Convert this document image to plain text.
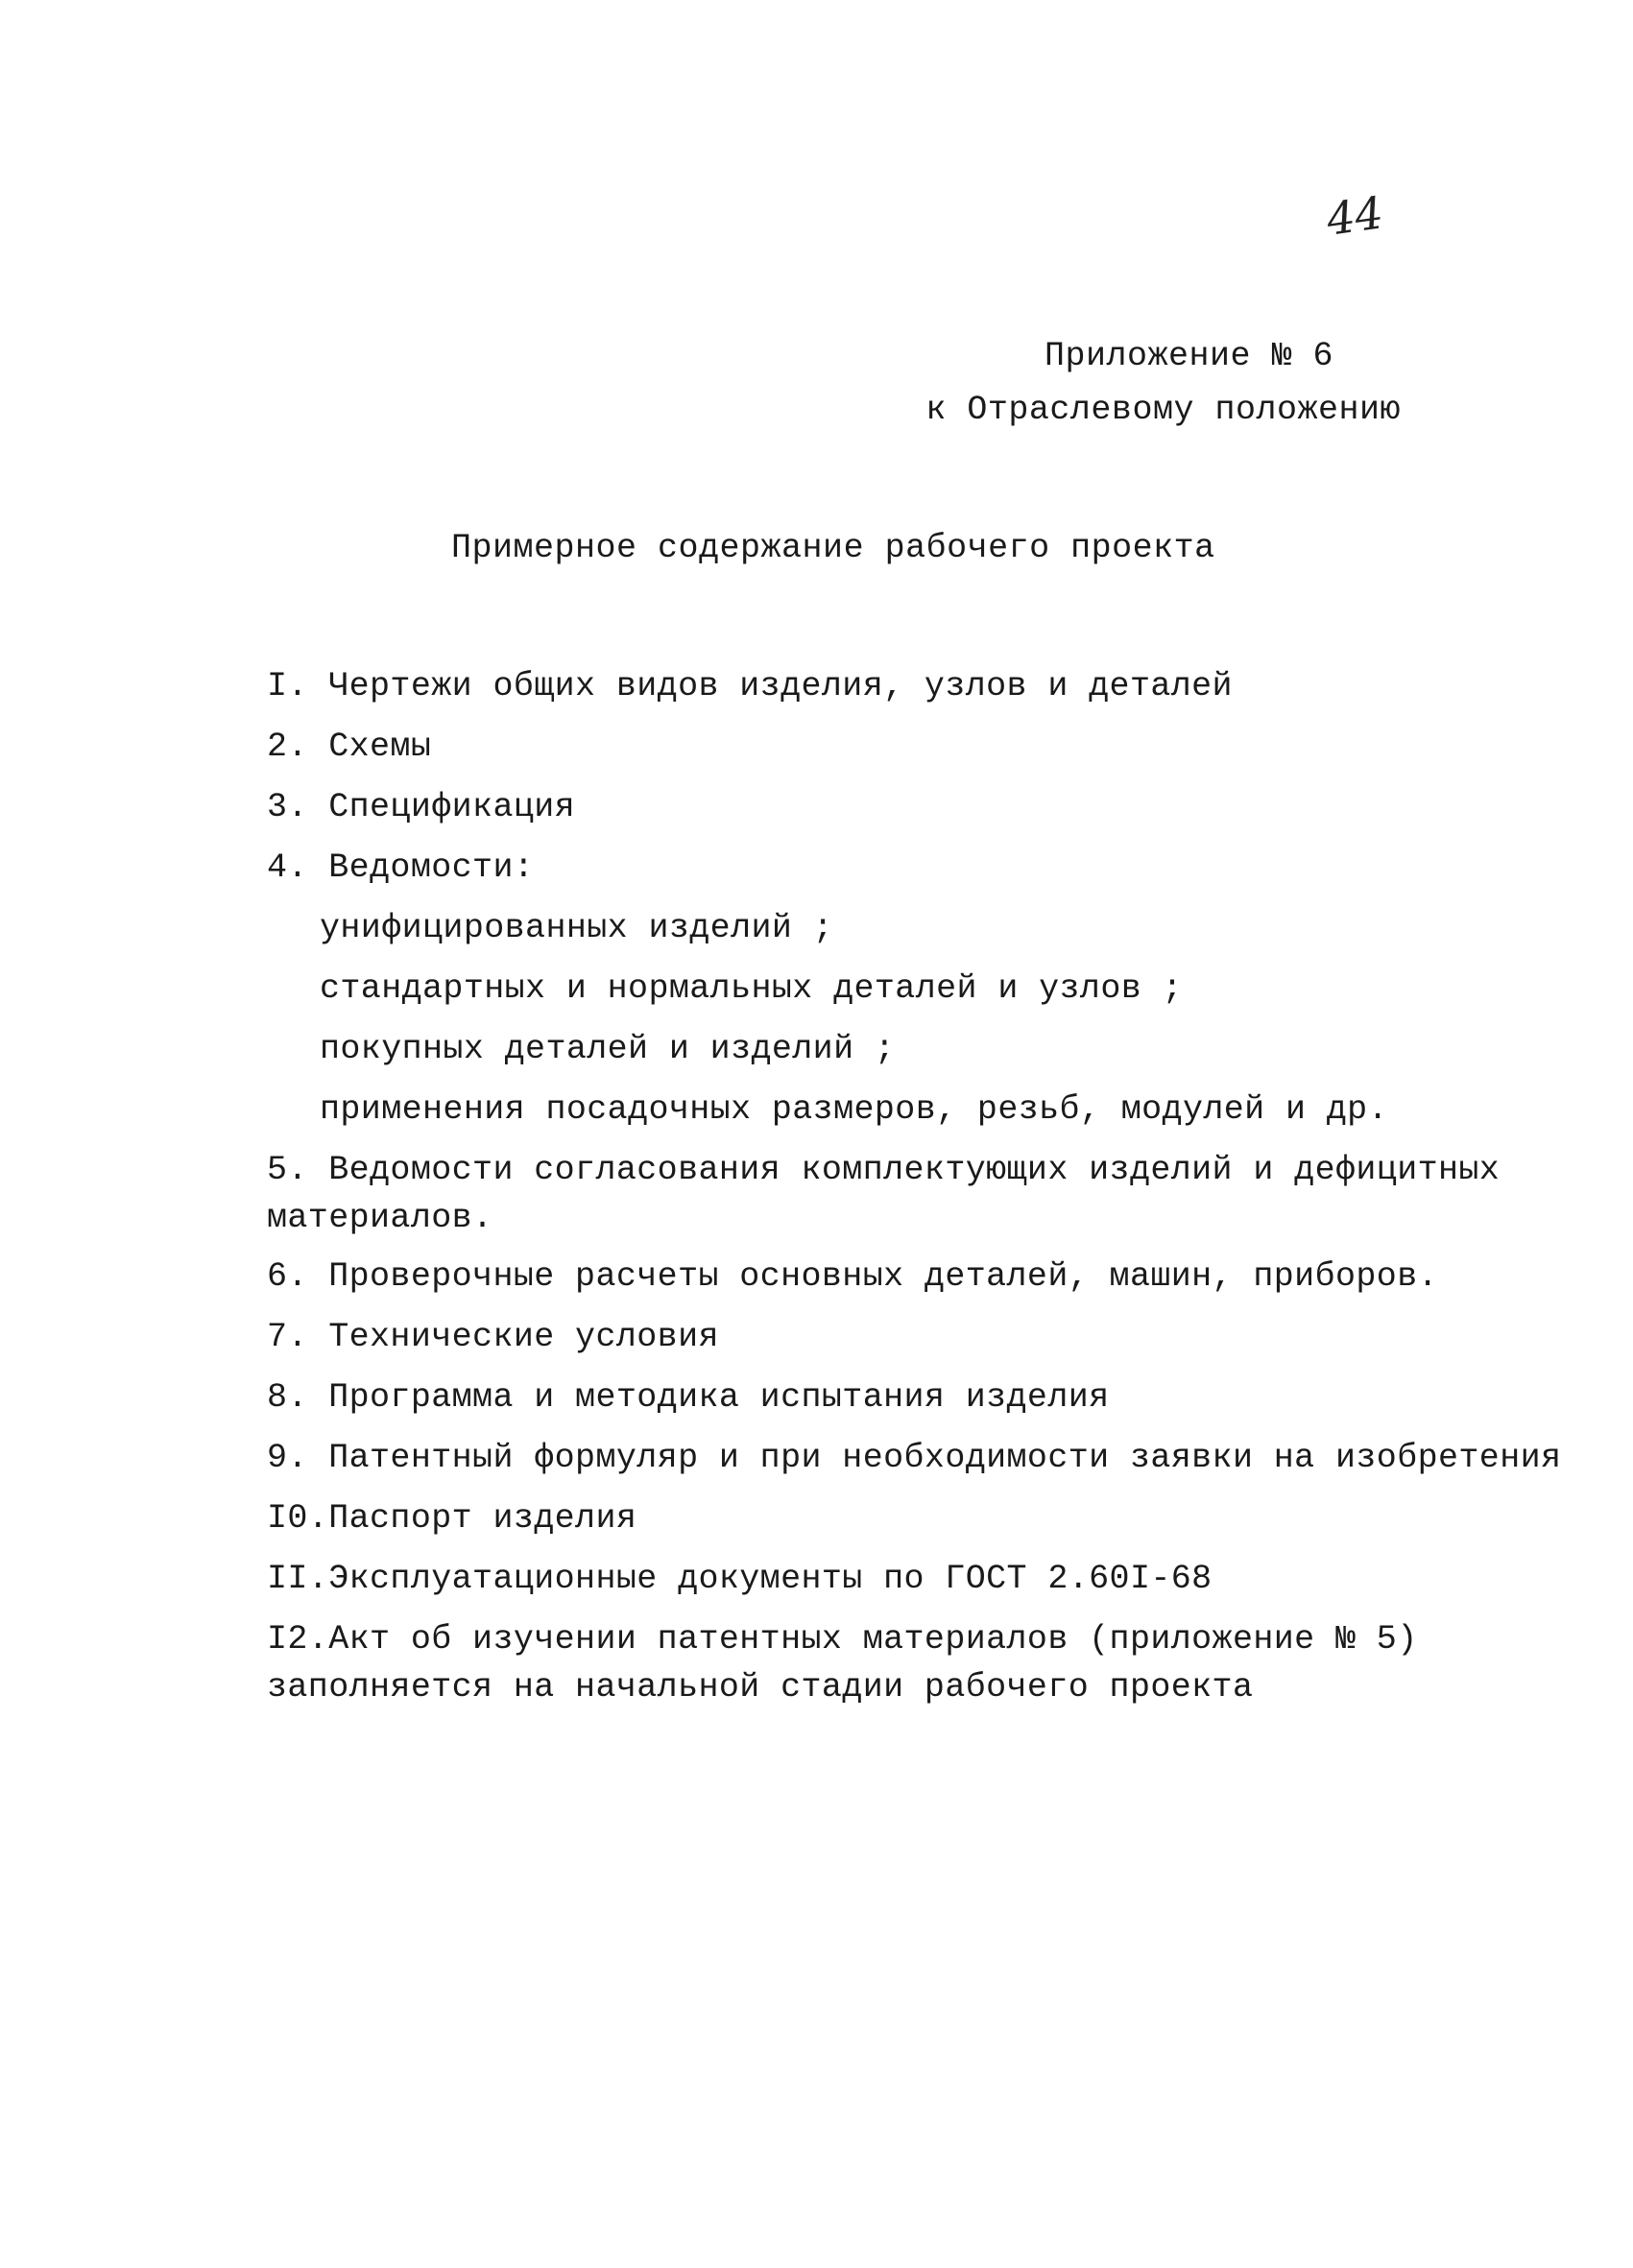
44
Приложение № 6

к Отраслевому положению
Примерное содержание рабочего проекта
I. Чертежи общих видов изделия, узлов и деталей
2. Схемы
3. Спецификация
4. Ведомости:
унифицированных изделий ;
стандартных и нормальных деталей и узлов ;
покупных деталей и изделий ;
применения посадочных размеров, резьб, модулей и др.
5. Ведомости согласования комплектующих изделий и дефицитных
материалов.
6. Проверочные расчеты основных деталей, машин, приборов.
7. Технические условия
8. Программа и методика испытания изделия
9. Патентный формуляр и при необходимости заявки на изобретения
I0.Паспорт изделия
II.Эксплуатационные документы по ГОСТ 2.60I-68
I2.Акт об изучении патентных материалов (приложение № 5)
заполняется на начальной стадии рабочего проекта
